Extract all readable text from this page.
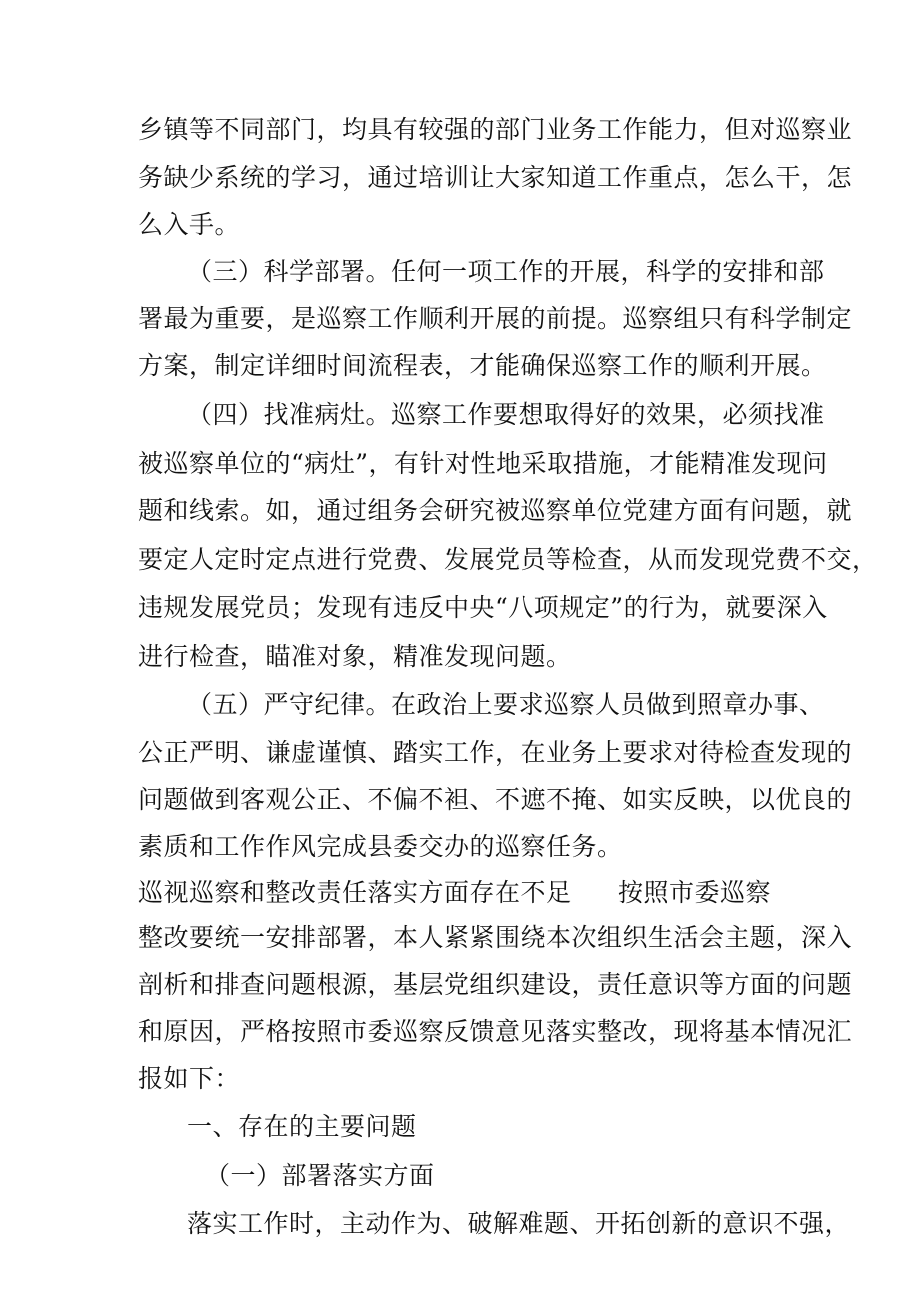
乡镇等不同部门，均具有较强的部门业务工作能力，但对巡察业
务缺少系统的学习，通过培训让大家知道工作重点，怎么干，怎
么入手。
（三）科学部署。任何一项工作的开展，科学的安排和部
署最为重要，是巡察工作顺利开展的前提。巡察组只有科学制定
方案，制定详细时间流程表，才能确保巡察工作的顺利开展。
（四）找准病灶。巡察工作要想取得好的效果，必须找准
被巡察单位的“病灶”，有针对性地采取措施，才能精准发现问
题和线索。如，通过组务会研究被巡察单位党建方面有问题，就
要定人定时定点进行党费、发展党员等检查，从而发现党费不交，
违规发展党员；发现有违反中央“八项规定”的行为，就要深入
进行检查，瞄准对象，精准发现问题。
（五）严守纪律。在政治上要求巡察人员做到照章办事、
公正严明、谦虚谨慎、踏实工作，在业务上要求对待检查发现的
问题做到客观公正、不偏不袒、不遮不掩、如实反映，以优良的
素质和工作作风完成县委交办的巡察任务。
巡视巡察和整改责任落实方面存在不足 按照市委巡察
整改要统一安排部署，本人紧紧围绕本次组织生活会主题，深入
剖析和排查问题根源，基层党组织建设，责任意识等方面的问题
和原因，严格按照市委巡察反馈意见落实整改，现将基本情况汇
报如下：
一、存在的主要问题
（一）部署落实方面
落实工作时，主动作为、破解难题、开拓创新的意识不强，
